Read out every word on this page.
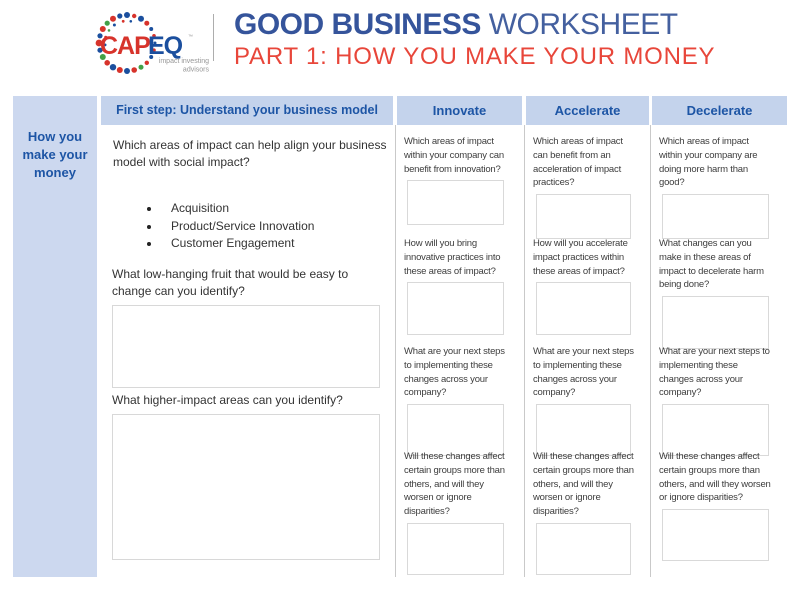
CAP
EQ ™
impact investing
advisors
GOOD BUSINESS WORKSHEET
PART 1: HOW YOU MAKE YOUR MONEY
How you make your money
First step: Understand your business model
Which areas of impact can help align your business model with social impact?
Acquisition
Product/Service Innovation
Customer Engagement
What low-hanging fruit that would be easy to change can you identify?
What higher-impact areas can you identify?
Innovate
Which areas of impact within your company can benefit from innovation?
How will you bring innovative practices into these areas of impact?
What are your next steps to implementing these changes across your company?
Will these changes affect certain groups more than others, and will they worsen or ignore disparities?
Accelerate
Which areas of impact can benefit from an acceleration of impact practices?
How will you accelerate impact practices within these areas of impact?
What are your next steps to implementing these changes across your company?
Will these changes affect certain groups more than others, and will they worsen or ignore disparities?
Decelerate
Which areas of impact within your company are doing more harm than good?
What changes can you make in these areas of impact to decelerate harm being done?
What are your next steps to implementing these changes across your company?
Will these changes affect certain groups more than others, and will they worsen or ignore disparities?
